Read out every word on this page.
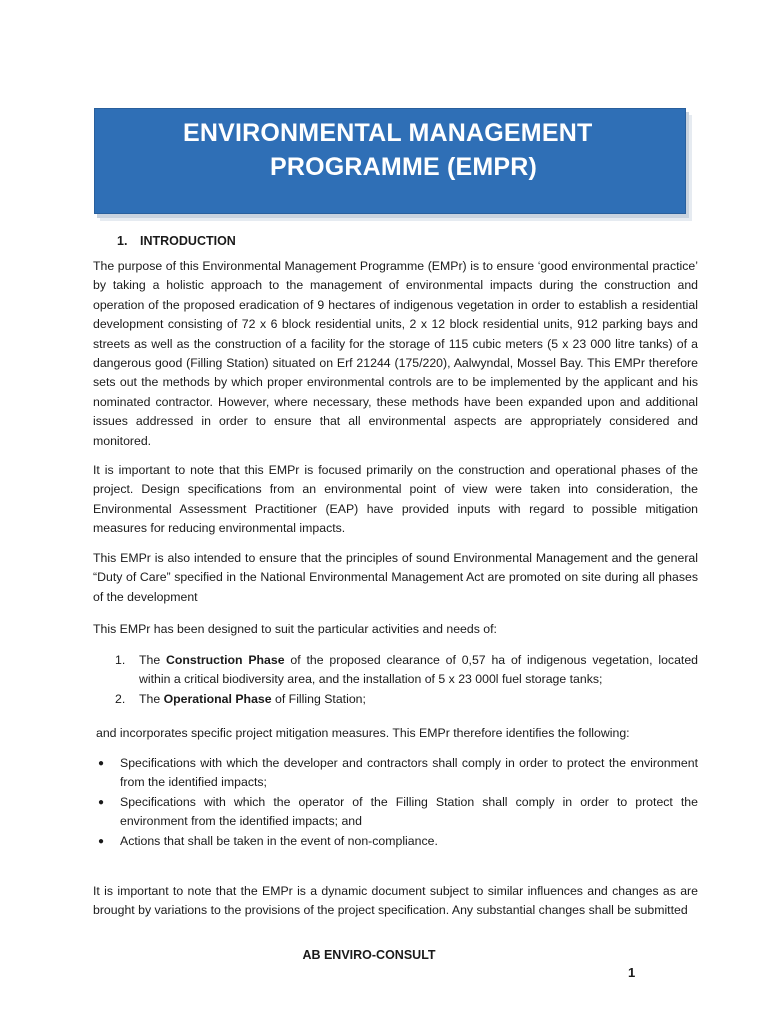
ENVIRONMENTAL MANAGEMENT
PROGRAMME (EMPR)
1. INTRODUCTION
The purpose of this Environmental Management Programme (EMPr) is to ensure ‘good environmental practice’ by taking a holistic approach to the management of environmental impacts during the construction and operation of the proposed eradication of 9 hectares of indigenous vegetation in order to establish a residential development consisting of 72 x 6 block residential units, 2 x 12 block residential units, 912 parking bays and streets as well as the construction of a facility for the storage of 115 cubic meters (5 x 23 000 litre tanks) of a dangerous good (Filling Station) situated on Erf 21244 (175/220), Aalwyndal, Mossel Bay. This EMPr therefore sets out the methods by which proper environmental controls are to be implemented by the applicant and his nominated contractor. However, where necessary, these methods have been expanded upon and additional issues addressed in order to ensure that all environmental aspects are appropriately considered and monitored.
It is important to note that this EMPr is focused primarily on the construction and operational phases of the project. Design specifications from an environmental point of view were taken into consideration, the Environmental Assessment Practitioner (EAP) have provided inputs with regard to possible mitigation measures for reducing environmental impacts.
This EMPr is also intended to ensure that the principles of sound Environmental Management and the general “Duty of Care” specified in the National Environmental Management Act are promoted on site during all phases of the development
This EMPr has been designed to suit the particular activities and needs of:
1. The Construction Phase of the proposed clearance of 0,57 ha of indigenous vegetation, located within a critical biodiversity area, and the installation of 5 x 23 000l fuel storage tanks;
2. The Operational Phase of Filling Station;
and incorporates specific project mitigation measures. This EMPr therefore identifies the following:
● Specifications with which the developer and contractors shall comply in order to protect the environment from the identified impacts;
● Specifications with which the operator of the Filling Station shall comply in order to protect the environment from the identified impacts; and
● Actions that shall be taken in the event of non-compliance.
It is important to note that the EMPr is a dynamic document subject to similar influences and changes as are brought by variations to the provisions of the project specification. Any substantial changes shall be submitted
AB ENVIRO-CONSULT
1
